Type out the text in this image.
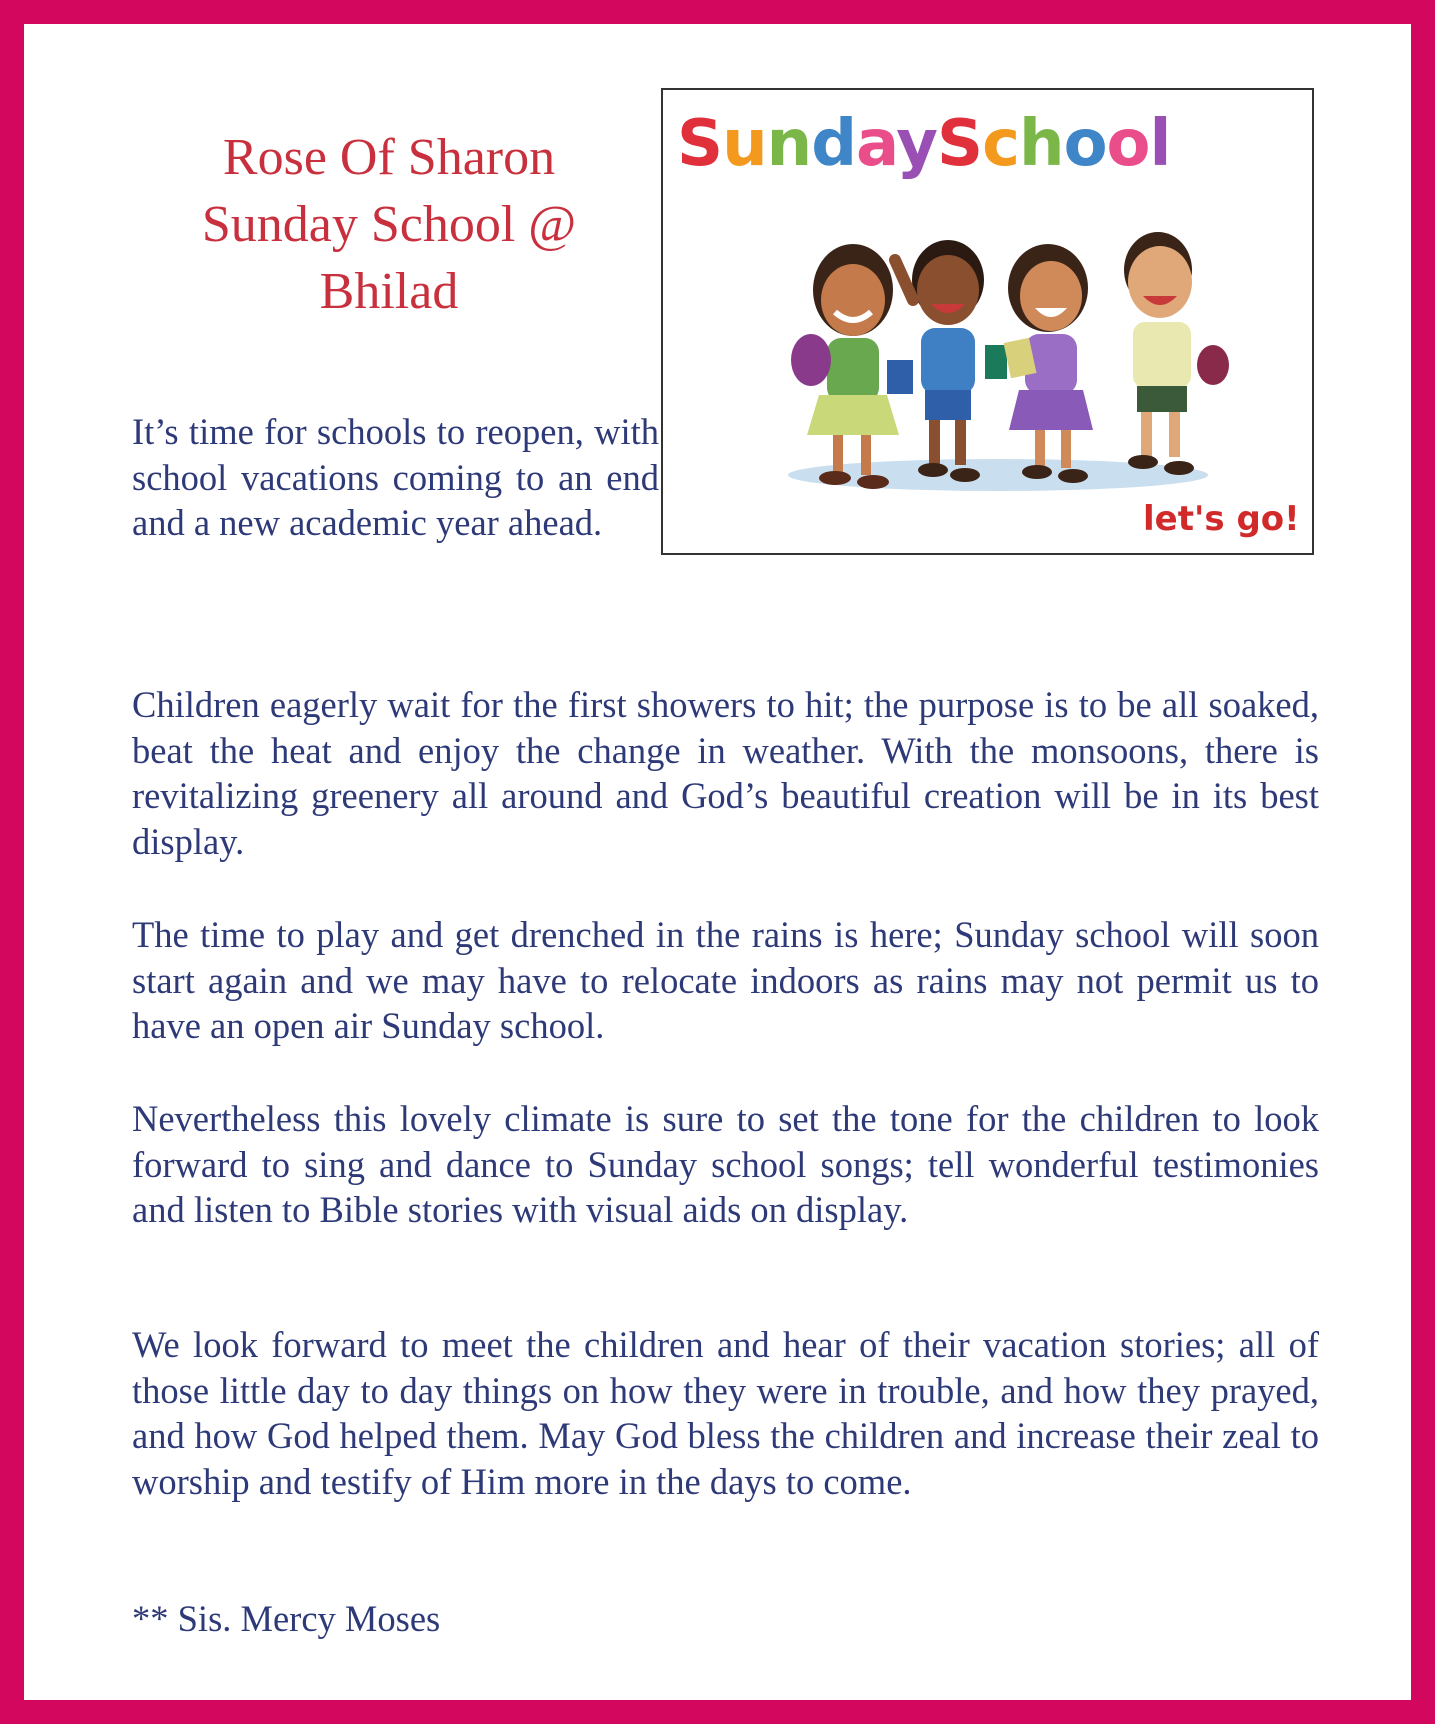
Rose Of Sharon
Sunday School @
Bhilad
SundaySchool
let's go!

It’s time for schools to reopen, with school vacations coming to an end and a new academic year ahead.

Children eagerly wait for the first showers to hit; the purpose is to be all soaked, beat the heat and enjoy the change in weather. With the monsoons, there is revitalizing greenery all around and God’s beautiful creation will be in its best display.

The time to play and get drenched in the rains is here; Sunday school will soon start again and we may have to relocate indoors as rains may not permit us to have an open air Sunday school.

Nevertheless this lovely climate is sure to set the tone for the children to look forward to sing and dance to Sunday school songs; tell wonderful testimonies and listen to Bible stories with visual aids on display.

We look forward to meet the children and hear of their vacation stories; all of those little day to day things on how they were in trouble, and how they prayed, and how God helped them. May God bless the children and increase their zeal to worship and testify of Him more in the days to come.

** Sis. Mercy Moses
